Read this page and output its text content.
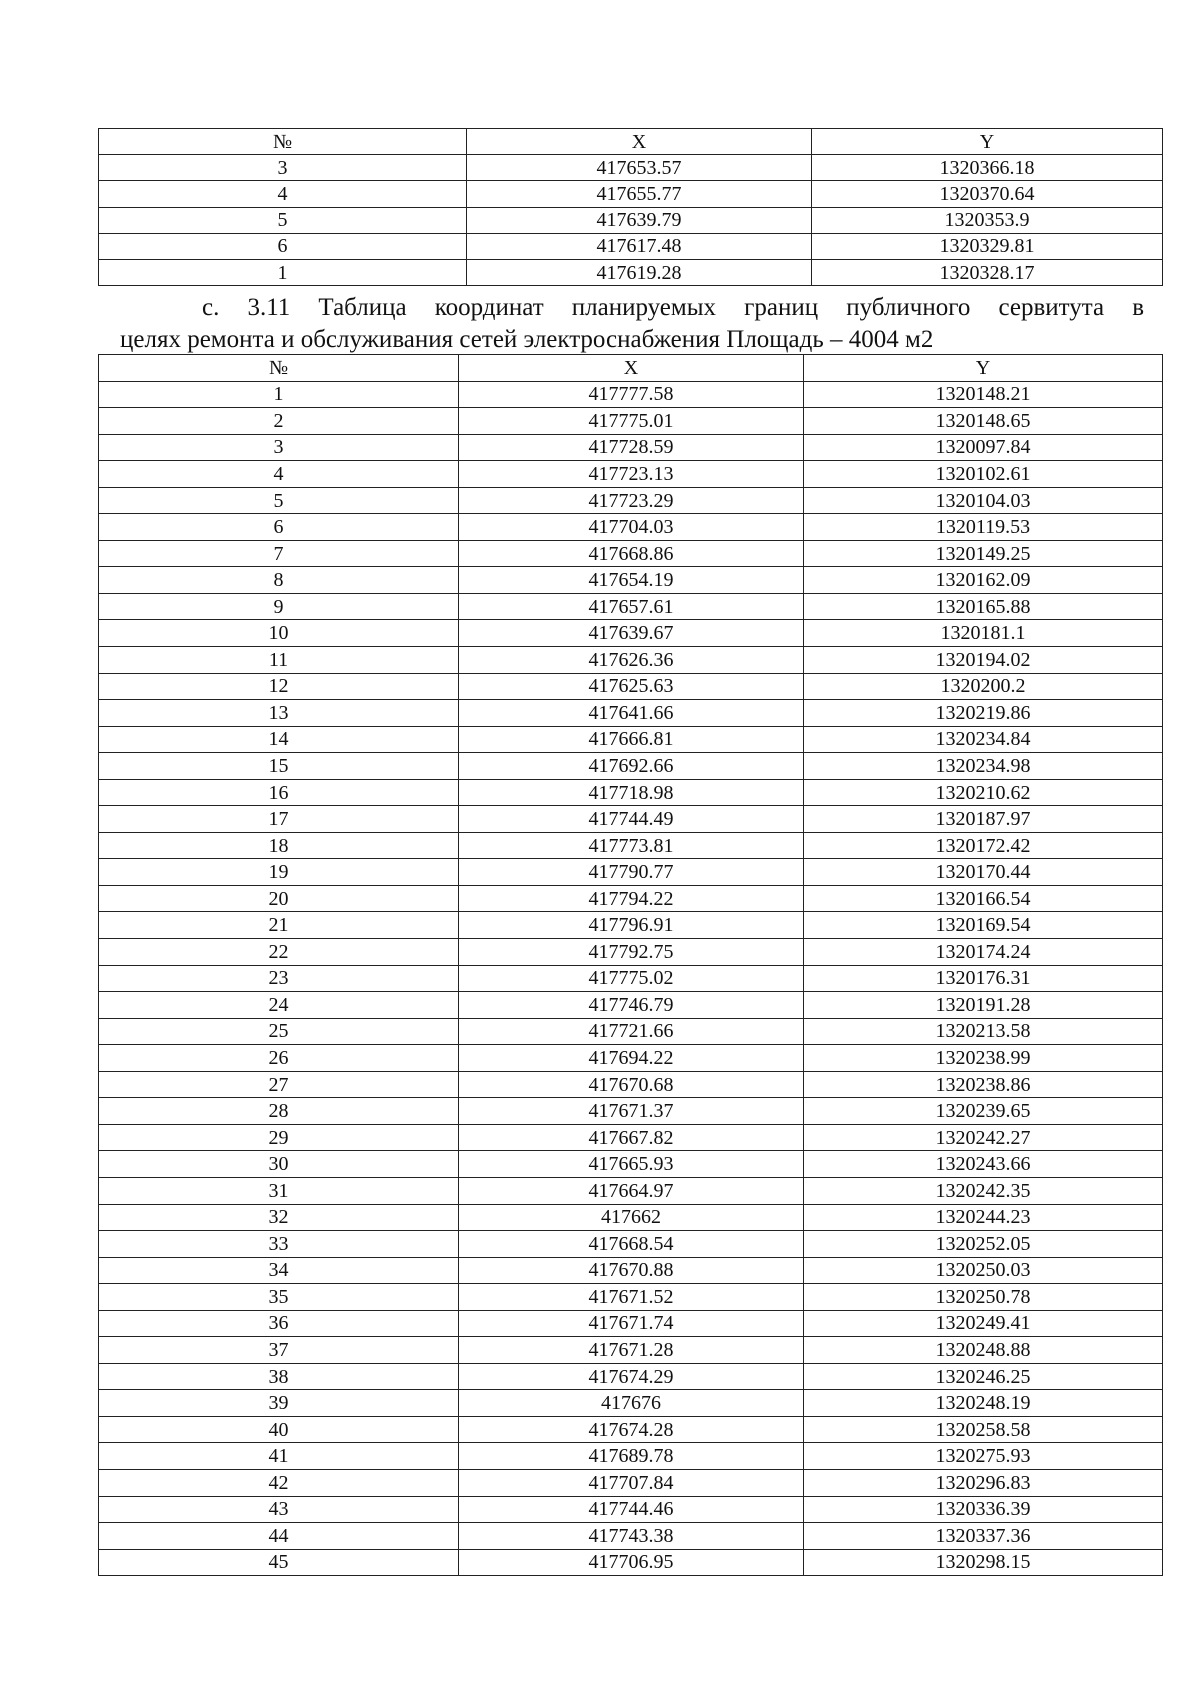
№	X	Y
3	417653.57	1320366.18
4	417655.77	1320370.64
5	417639.79	1320353.9
6	417617.48	1320329.81
1	417619.28	1320328.17
с. 3.11 Таблица координат планируемых границ публичного сервитута в
целях ремонта и обслуживания сетей электроснабжения Площадь – 4004 м2
№	X	Y
1	417777.58	1320148.21
2	417775.01	1320148.65
3	417728.59	1320097.84
4	417723.13	1320102.61
5	417723.29	1320104.03
6	417704.03	1320119.53
7	417668.86	1320149.25
8	417654.19	1320162.09
9	417657.61	1320165.88
10	417639.67	1320181.1
11	417626.36	1320194.02
12	417625.63	1320200.2
13	417641.66	1320219.86
14	417666.81	1320234.84
15	417692.66	1320234.98
16	417718.98	1320210.62
17	417744.49	1320187.97
18	417773.81	1320172.42
19	417790.77	1320170.44
20	417794.22	1320166.54
21	417796.91	1320169.54
22	417792.75	1320174.24
23	417775.02	1320176.31
24	417746.79	1320191.28
25	417721.66	1320213.58
26	417694.22	1320238.99
27	417670.68	1320238.86
28	417671.37	1320239.65
29	417667.82	1320242.27
30	417665.93	1320243.66
31	417664.97	1320242.35
32	417662	1320244.23
33	417668.54	1320252.05
34	417670.88	1320250.03
35	417671.52	1320250.78
36	417671.74	1320249.41
37	417671.28	1320248.88
38	417674.29	1320246.25
39	417676	1320248.19
40	417674.28	1320258.58
41	417689.78	1320275.93
42	417707.84	1320296.83
43	417744.46	1320336.39
44	417743.38	1320337.36
45	417706.95	1320298.15
